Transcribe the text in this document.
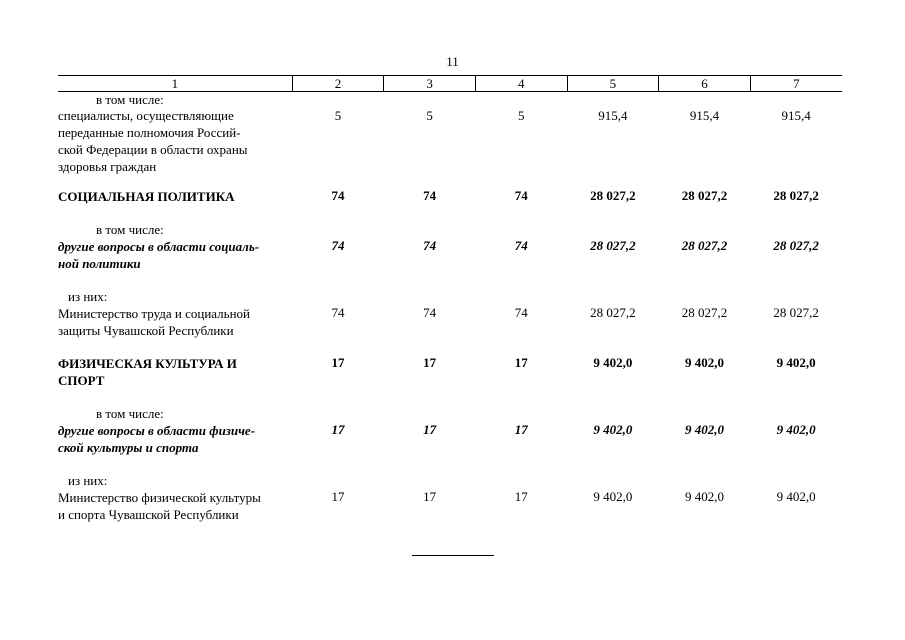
11
1	2	3	4	5	6	7

в том числе:
специалисты, осуществляющие
переданные полномочия Россий-
ской Федерации в области охраны
здоровья граждан	5	5	5	915,4	915,4	915,4

СОЦИАЛЬНАЯ ПОЛИТИКА	74	74	74	28 027,2	28 027,2	28 027,2

в том числе:
другие вопросы в области социаль-
ной политики	74	74	74	28 027,2	28 027,2	28 027,2

из них:
Министерство труда и социальной
защиты Чувашской Республики	74	74	74	28 027,2	28 027,2	28 027,2

ФИЗИЧЕСКАЯ КУЛЬТУРА И
СПОРТ	17	17	17	9 402,0	9 402,0	9 402,0

в том числе:
другие вопросы в области физиче-
ской культуры и спорта	17	17	17	9 402,0	9 402,0	9 402,0

из них:
Министерство физической культуры
и спорта Чувашской Республики	17	17	17	9 402,0	9 402,0	9 402,0
